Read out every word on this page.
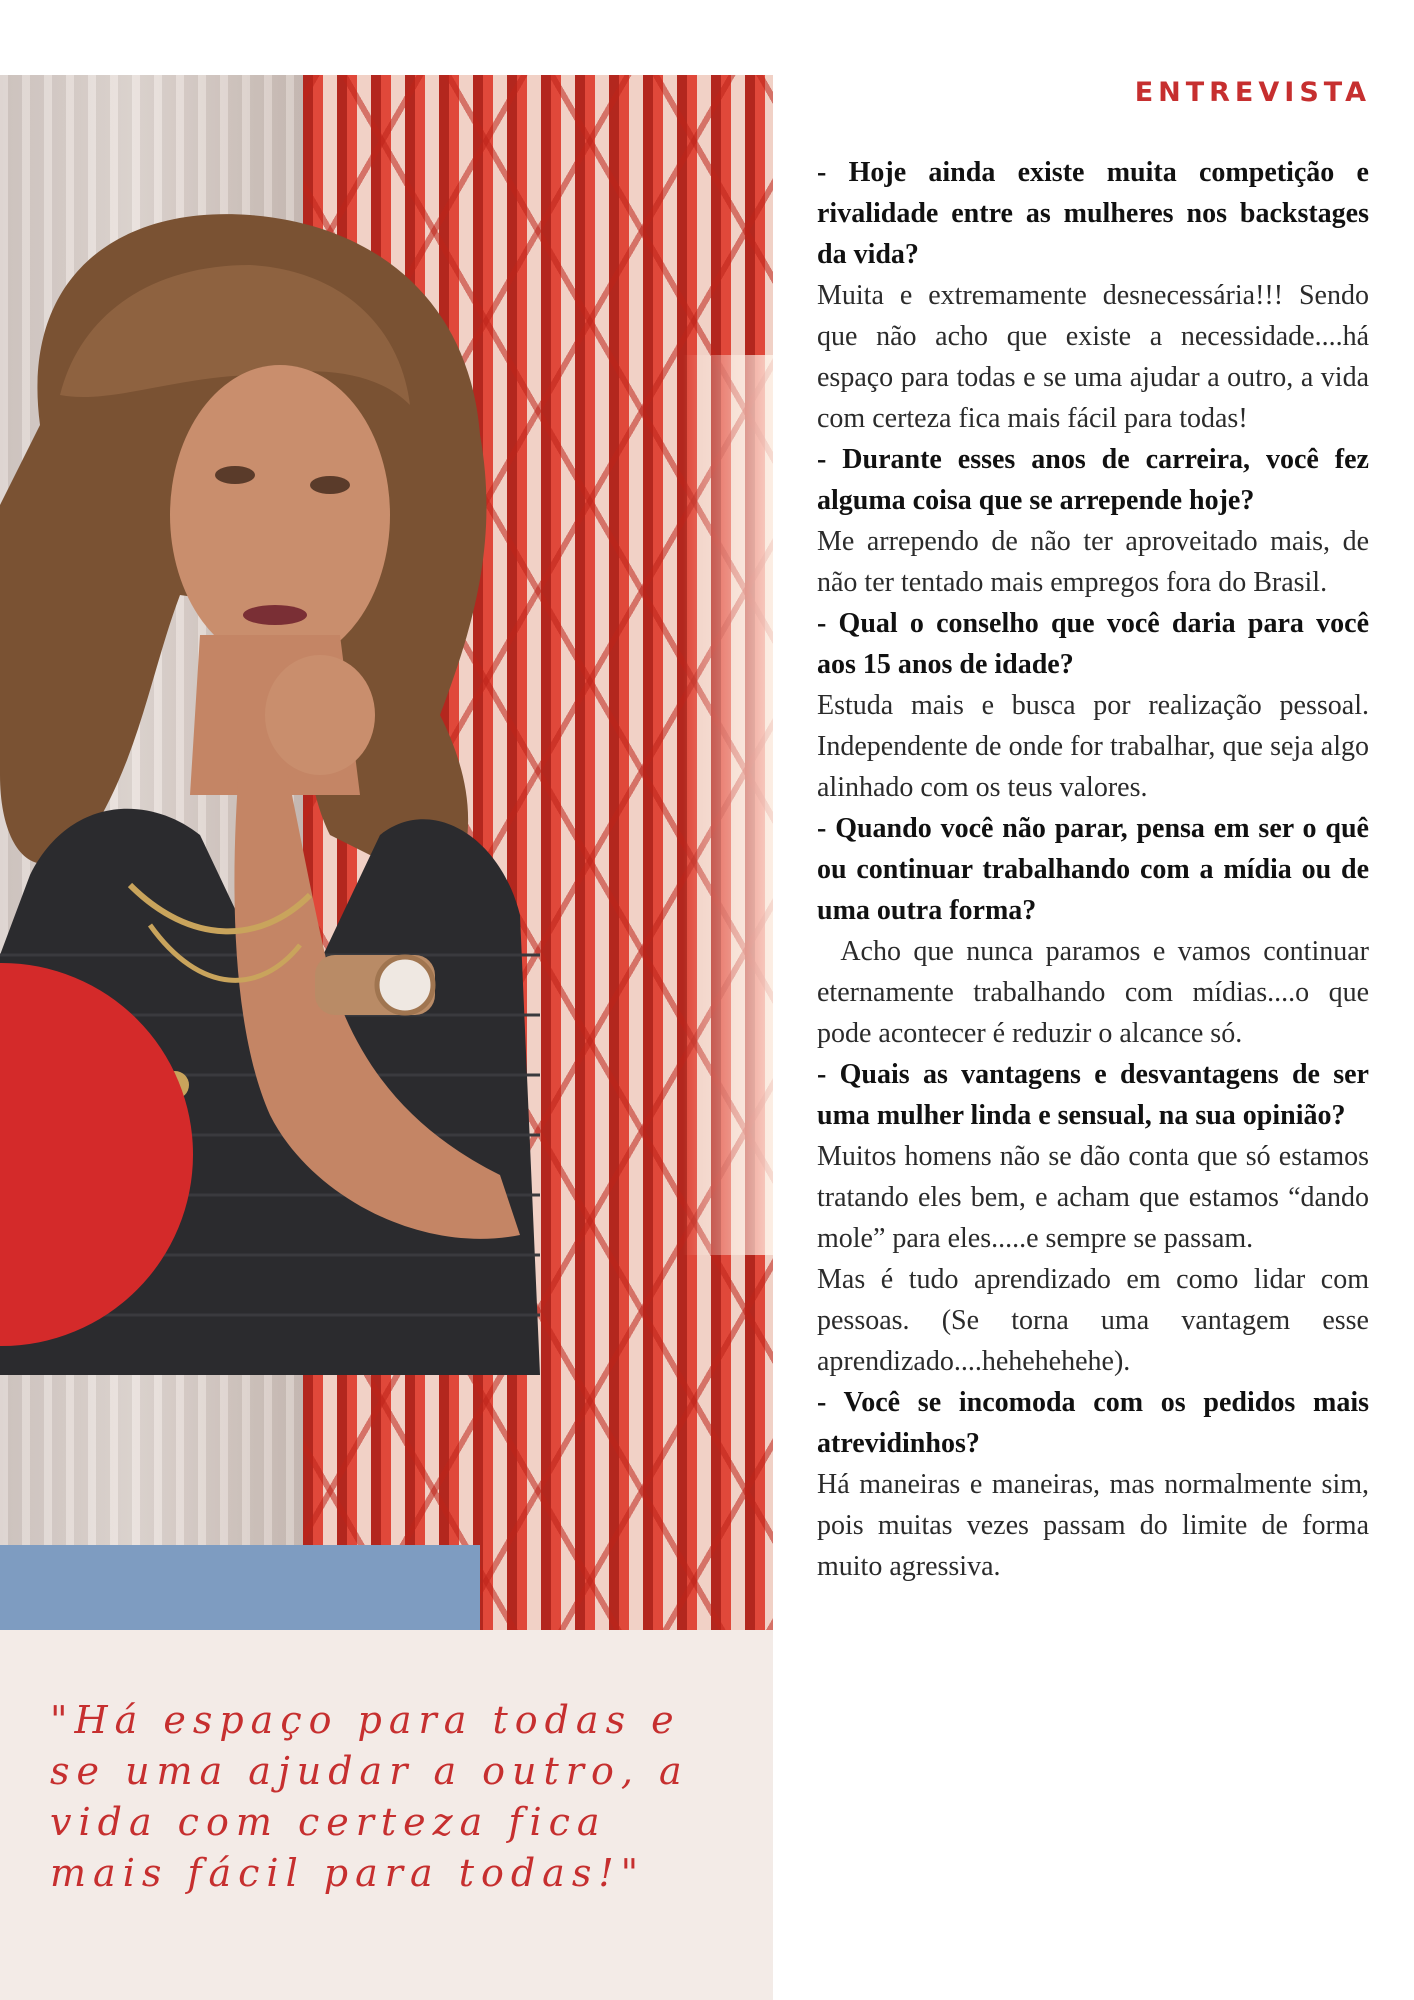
"Há espaço para todas e se uma ajudar a outro, a vida com certeza fica mais fácil para todas!"

ENTREVISTA

- Hoje ainda existe muita competição e rivalidade entre as mulheres nos backstages da vida?

Muita e extremamente desnecessária!!! Sendo que não acho que existe a necessidade....há espaço para todas e se uma ajudar a outro, a vida com certeza fica mais fácil para todas!

- Durante esses anos de carreira, você fez alguma coisa que se arrepende hoje?

Me arrependo de não ter aproveitado mais, de não ter tentado mais empregos fora do Brasil.

- Qual o conselho que você daria para você aos 15 anos de idade?

Estuda mais e busca por realização pessoal. Independente de onde for trabalhar, que seja algo alinhado com os teus valores.

- Quando você não parar, pensa em ser o quê ou continuar trabalhando com a mídia ou de uma outra forma?

Acho que nunca paramos e vamos continuar eternamente trabalhando com mídias....o que pode acontecer é reduzir o alcance só.

- Quais as vantagens e desvantagens de ser uma mulher linda e sensual, na sua opinião?

Muitos homens não se dão conta que só estamos tratando eles bem, e acham que estamos “dando mole” para eles.....e sempre se passam.

Mas é tudo aprendizado em como lidar com pessoas. (Se torna uma vantagem esse aprendizado....hehehehehe).

- Você se incomoda com os pedidos mais atrevidinhos?

Há maneiras e maneiras, mas normalmente sim, pois muitas vezes passam do limite de forma muito agressiva.
